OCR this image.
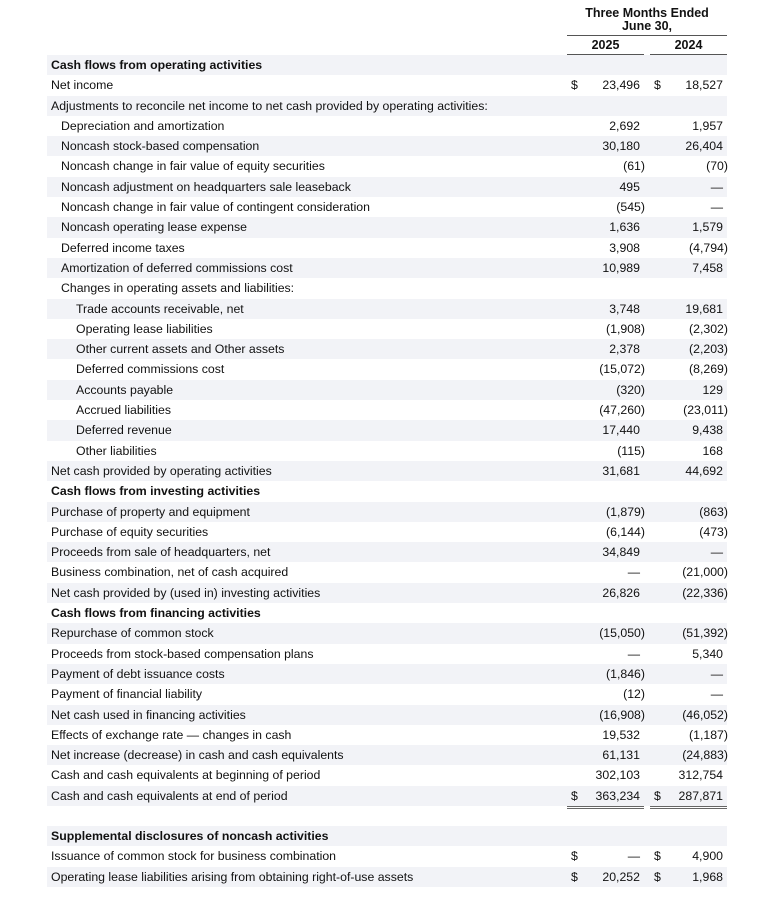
Three Months Ended
June 30,
2025	2024
Cash flows from operating activities
Net income	$ 23,496 $ 18,527
Adjustments to reconcile net income to net cash provided by operating activities:
Depreciation and amortization	2,692	1,957
Noncash stock-based compensation	30,180	26,404
Noncash change in fair value of equity securities	(61)	(70)
Noncash adjustment on headquarters sale leaseback	495	—
Noncash change in fair value of contingent consideration	(545)	—
Noncash operating lease expense	1,636	1,579
Deferred income taxes	3,908	(4,794)
Amortization of deferred commissions cost	10,989	7,458
Changes in operating assets and liabilities:
Trade accounts receivable, net	3,748	19,681
Operating lease liabilities	(1,908)	(2,302)
Other current assets and Other assets	2,378	(2,203)
Deferred commissions cost	(15,072)	(8,269)
Accounts payable	(320)	129
Accrued liabilities	(47,260)	(23,011)
Deferred revenue	17,440	9,438
Other liabilities	(115)	168
Net cash provided by operating activities	31,681	44,692
Cash flows from investing activities
Purchase of property and equipment	(1,879)	(863)
Purchase of equity securities	(6,144)	(473)
Proceeds from sale of headquarters, net	34,849	—
Business combination, net of cash acquired	—	(21,000)
Net cash provided by (used in) investing activities	26,826	(22,336)
Cash flows from financing activities
Repurchase of common stock	(15,050)	(51,392)
Proceeds from stock-based compensation plans	—	5,340
Payment of debt issuance costs	(1,846)	—
Payment of financial liability	(12)	—
Net cash used in financing activities	(16,908)	(46,052)
Effects of exchange rate — changes in cash	19,532	(1,187)
Net increase (decrease) in cash and cash equivalents	61,131	(24,883)
Cash and cash equivalents at beginning of period	302,103	312,754
Cash and cash equivalents at end of period	$ 363,234 $ 287,871
Supplemental disclosures of noncash activities
Issuance of common stock for business combination	$	— $	4,900
Operating lease liabilities arising from obtaining right-of-use assets	$ 20,252 $	1,968
